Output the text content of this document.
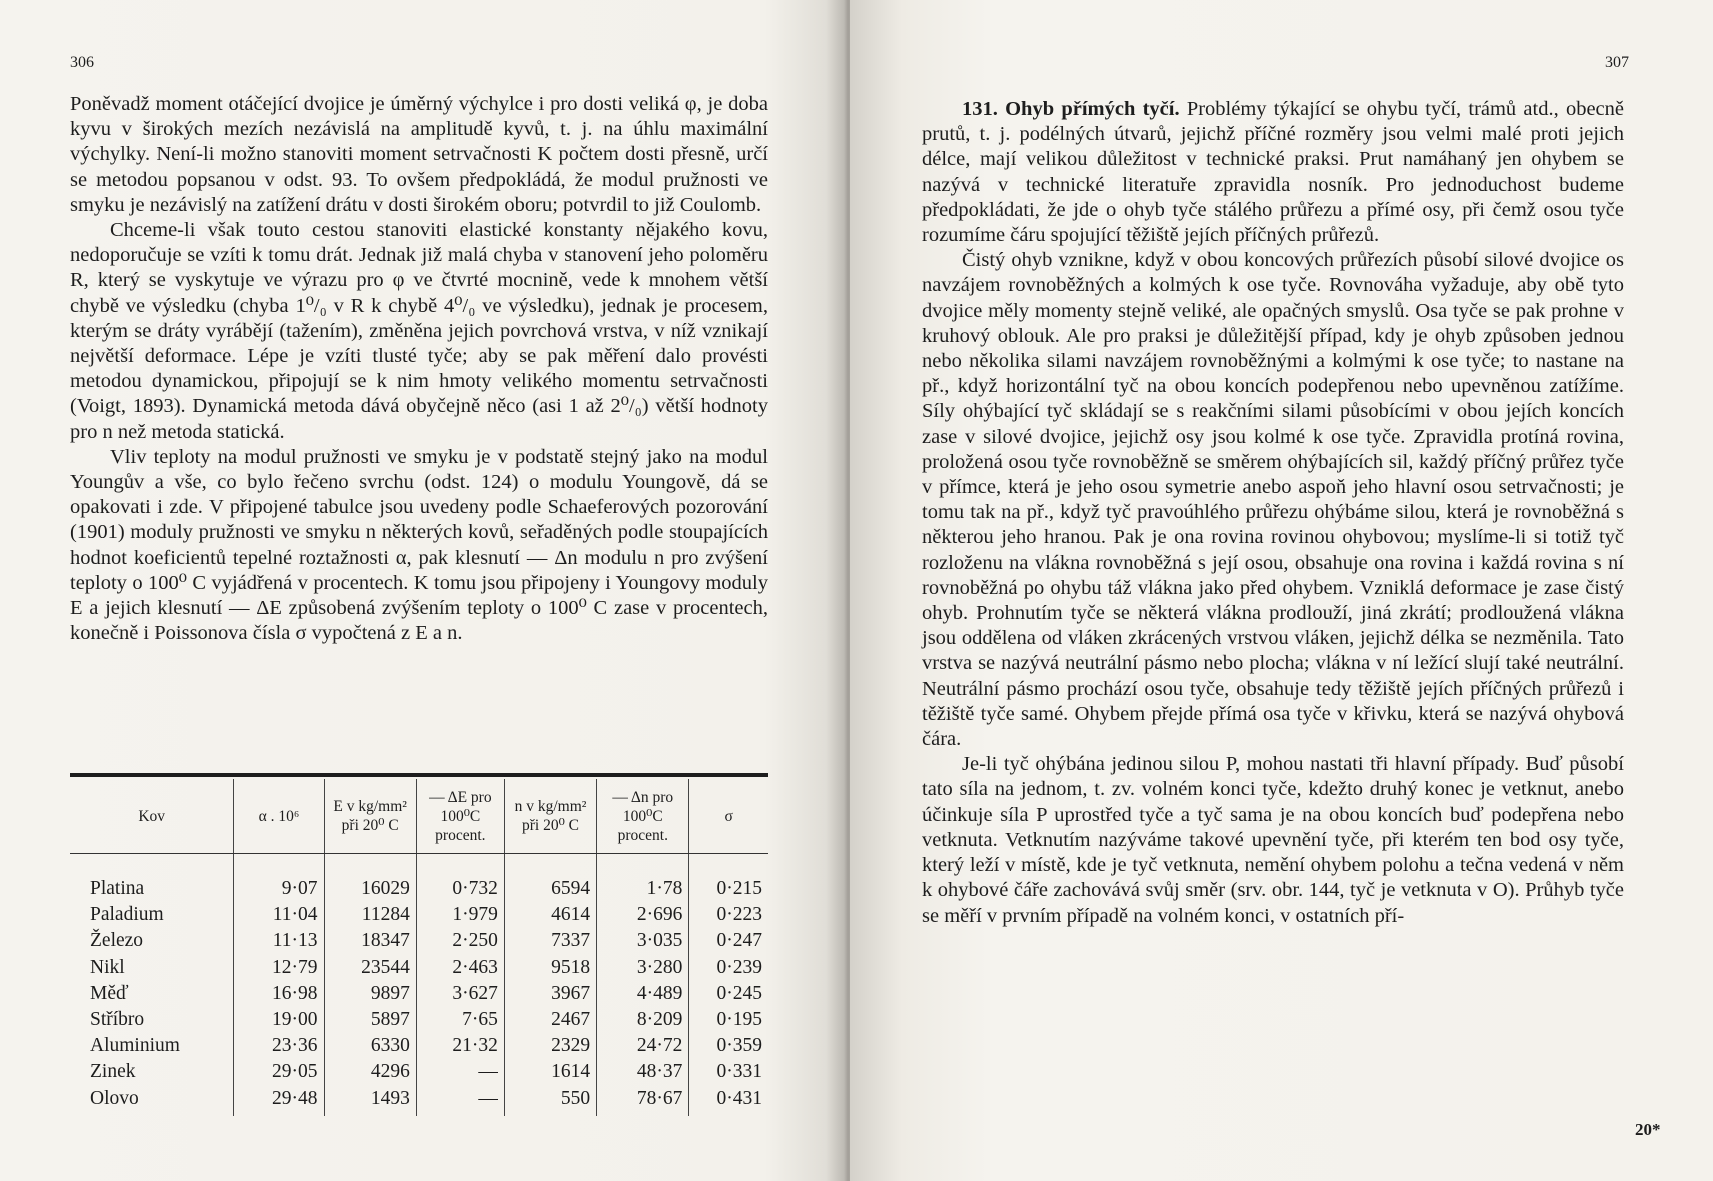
306

Poněvadž moment otáčející dvojice je úměrný výchylce i pro dosti veliká φ, je doba kyvu v širokých mezích nezávislá na amplitudě kyvů, t. j. na úhlu maximální výchylky. Není-li možno stanoviti moment setrvačnosti K počtem dosti přesně, určí se metodou popsanou v odst. 93. To ovšem předpokládá, že modul pružnosti ve smyku je nezávislý na zatížení drátu v dosti širokém oboru; potvrdil to již Coulomb.

Chceme-li však touto cestou stanoviti elastické konstanty nějakého kovu, nedoporučuje se vzíti k tomu drát. Jednak již malá chyba v stanovení jeho poloměru R, který se vyskytuje ve výrazu pro φ ve čtvrté mocnině, vede k mnohem větší chybě ve výsledku (chyba 1⁰/₀ v R k chybě 4⁰/₀ ve výsledku), jednak je procesem, kterým se dráty vyrábějí (tažením), změněna jejich povrchová vrstva, v níž vznikají největší deformace. Lépe je vzíti tlusté tyče; aby se pak měření dalo provésti metodou dynamickou, připojují se k nim hmoty velikého momentu setrvačnosti (Voigt, 1893). Dynamická metoda dává obyčejně něco (asi 1 až 2⁰/₀) větší hodnoty pro n než metoda statická.

Vliv teploty na modul pružnosti ve smyku je v podstatě stejný jako na modul Youngův a vše, co bylo řečeno svrchu (odst. 124) o modulu Youngově, dá se opakovati i zde. V připojené tabulce jsou uvedeny podle Schaeferových pozorování (1901) moduly pružnosti ve smyku n některých kovů, seřaděných podle stoupajících hodnot koeficientů tepelné roztažnosti α, pak klesnutí — Δn modulu n pro zvýšení teploty o 100⁰ C vyjádřená v procentech. K tomu jsou připojeny i Youngovy moduly E a jejich klesnutí — ΔE způsobená zvýšením teploty o 100⁰ C zase v procentech, konečně i Poissonova čísla σ vypočtená z E a n.

Kov	α . 10⁶	E v kg/mm² při 20⁰ C	— ΔE pro 100⁰C procent.	n v kg/mm² při 20⁰ C	— Δn pro 100⁰C procent.	σ

Platina	9·07	16029	0·732	6594	1·78	0·215
Paladium	11·04	11284	1·979	4614	2·696	0·223
Železo	11·13	18347	2·250	7337	3·035	0·247
Nikl	12·79	23544	2·463	9518	3·280	0·239
Měď	16·98	9897	3·627	3967	4·489	0·245
Stříbro	19·00	5897	7·65	2467	8·209	0·195
Aluminium	23·36	6330	21·32	2329	24·72	0·359
Zinek	29·05	4296	—	1614	48·37	0·331
Olovo	29·48	1493	—	550	78·67	0·431
307

131. Ohyb přímých tyčí. Problémy týkající se ohybu tyčí, trámů atd., obecně prutů, t. j. podélných útvarů, jejichž příčné rozměry jsou velmi malé proti jejich délce, mají velikou důležitost v technické praksi. Prut namáhaný jen ohybem se nazývá v technické literatuře zpravidla nosník. Pro jednoduchost budeme předpokládati, že jde o ohyb tyče stálého průřezu a přímé osy, při čemž osou tyče rozumíme čáru spojující těžiště jejích příčných průřezů.

Čistý ohyb vznikne, když v obou koncových průřezích působí silové dvojice os navzájem rovnoběžných a kolmých k ose tyče. Rovnováha vyžaduje, aby obě tyto dvojice měly momenty stejně veliké, ale opačných smyslů. Osa tyče se pak prohne v kruhový oblouk. Ale pro praksi je důležitější případ, kdy je ohyb způsoben jednou nebo několika silami navzájem rovnoběžnými a kolmými k ose tyče; to nastane na př., když horizontální tyč na obou koncích podepřenou nebo upevněnou zatížíme. Síly ohýbající tyč skládají se s reakčními silami působícími v obou jejích koncích zase v silové dvojice, jejichž osy jsou kolmé k ose tyče. Zpravidla protíná rovina, proložená osou tyče rovnoběžně se směrem ohýbajících sil, každý příčný průřez tyče v přímce, která je jeho osou symetrie anebo aspoň jeho hlavní osou setrvačnosti; je tomu tak na př., když tyč pravoúhlého průřezu ohýbáme silou, která je rovnoběžná s některou jeho hranou. Pak je ona rovina rovinou ohybovou; myslíme-li si totiž tyč rozloženu na vlákna rovnoběžná s její osou, obsahuje ona rovina i každá rovina s ní rovnoběžná po ohybu táž vlákna jako před ohybem. Vzniklá deformace je zase čistý ohyb. Prohnutím tyče se některá vlákna prodlouží, jiná zkrátí; prodloužená vlákna jsou oddělena od vláken zkrácených vrstvou vláken, jejichž délka se nezměnila. Tato vrstva se nazývá neutrální pásmo nebo plocha; vlákna v ní ležící slují také neutrální. Neutrální pásmo prochází osou tyče, obsahuje tedy těžiště jejích příčných průřezů i těžiště tyče samé. Ohybem přejde přímá osa tyče v křivku, která se nazývá ohybová čára.

Je-li tyč ohýbána jedinou silou P, mohou nastati tři hlavní případy. Buď působí tato síla na jednom, t. zv. volném konci tyče, kdežto druhý konec je vetknut, anebo účinkuje síla P uprostřed tyče a tyč sama je na obou koncích buď podepřena nebo vetknuta. Vetknutím nazýváme takové upevnění tyče, při kterém ten bod osy tyče, který leží v místě, kde je tyč vetknuta, nemění ohybem polohu a tečna vedená v něm k ohybové čáře zachovává svůj směr (srv. obr. 144, tyč je vetknuta v O). Průhyb tyče se měří v prvním případě na volném konci, v ostatních pří-

20*
